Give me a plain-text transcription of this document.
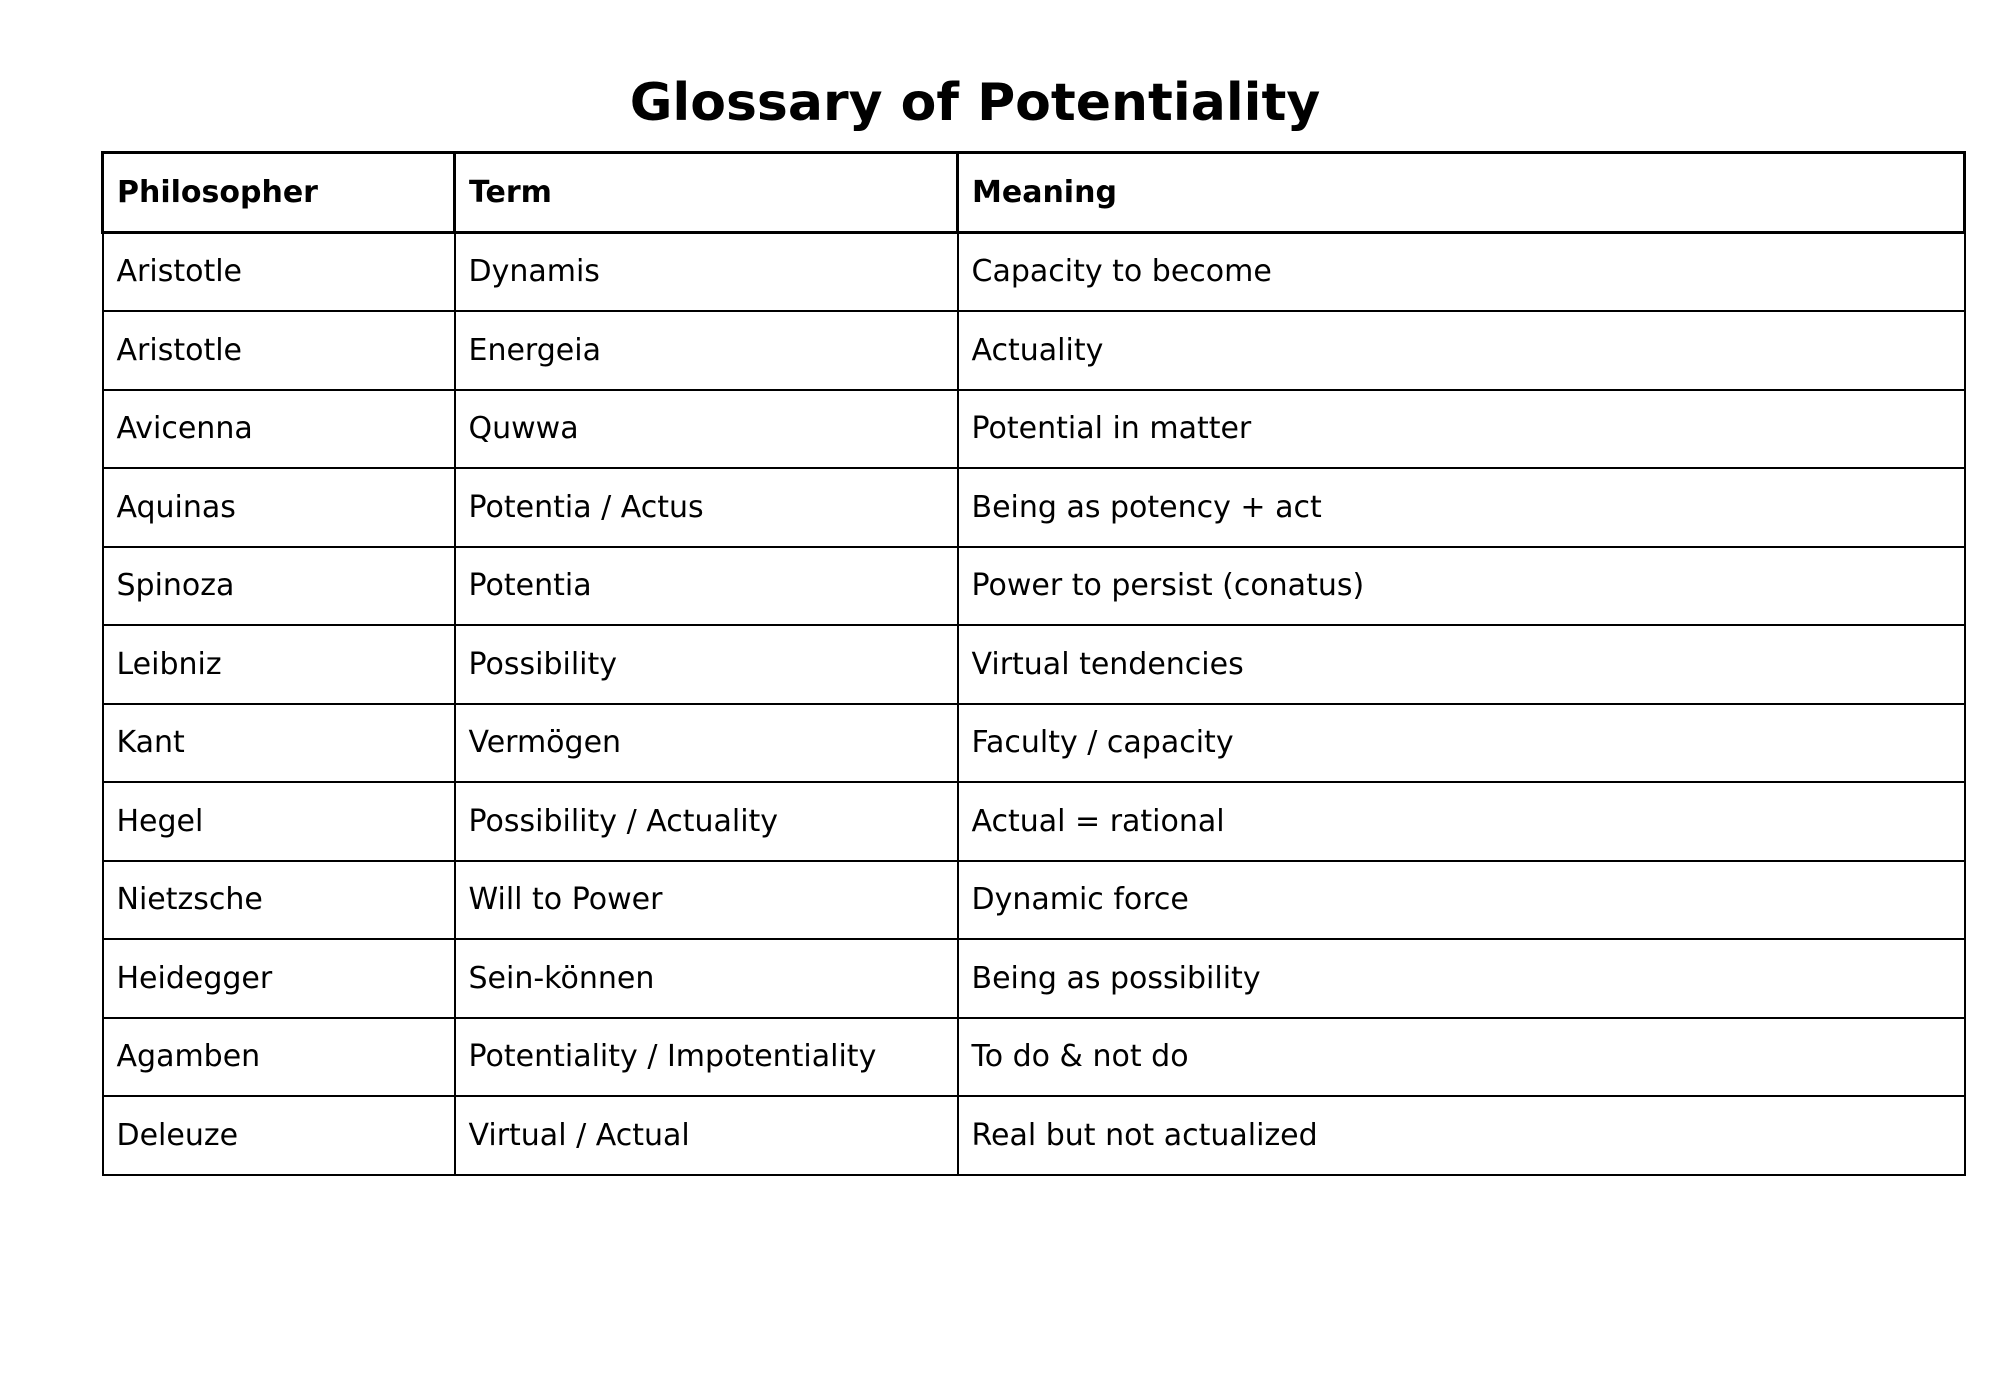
Glossary of Potentiality
Philosopher	Term	Meaning
Aristotle	Dynamis	Capacity to become
Aristotle	Energeia	Actuality
Avicenna	Quwwa	Potential in matter
Aquinas	Potentia / Actus	Being as potency + act
Spinoza	Potentia	Power to persist (conatus)
Leibniz	Possibility	Virtual tendencies
Kant	Vermögen	Faculty / capacity
Hegel	Possibility / Actuality	Actual = rational
Nietzsche	Will to Power	Dynamic force
Heidegger	Sein-können	Being as possibility
Agamben	Potentiality / Impotentiality	To do & not do
Deleuze	Virtual / Actual	Real but not actualized
